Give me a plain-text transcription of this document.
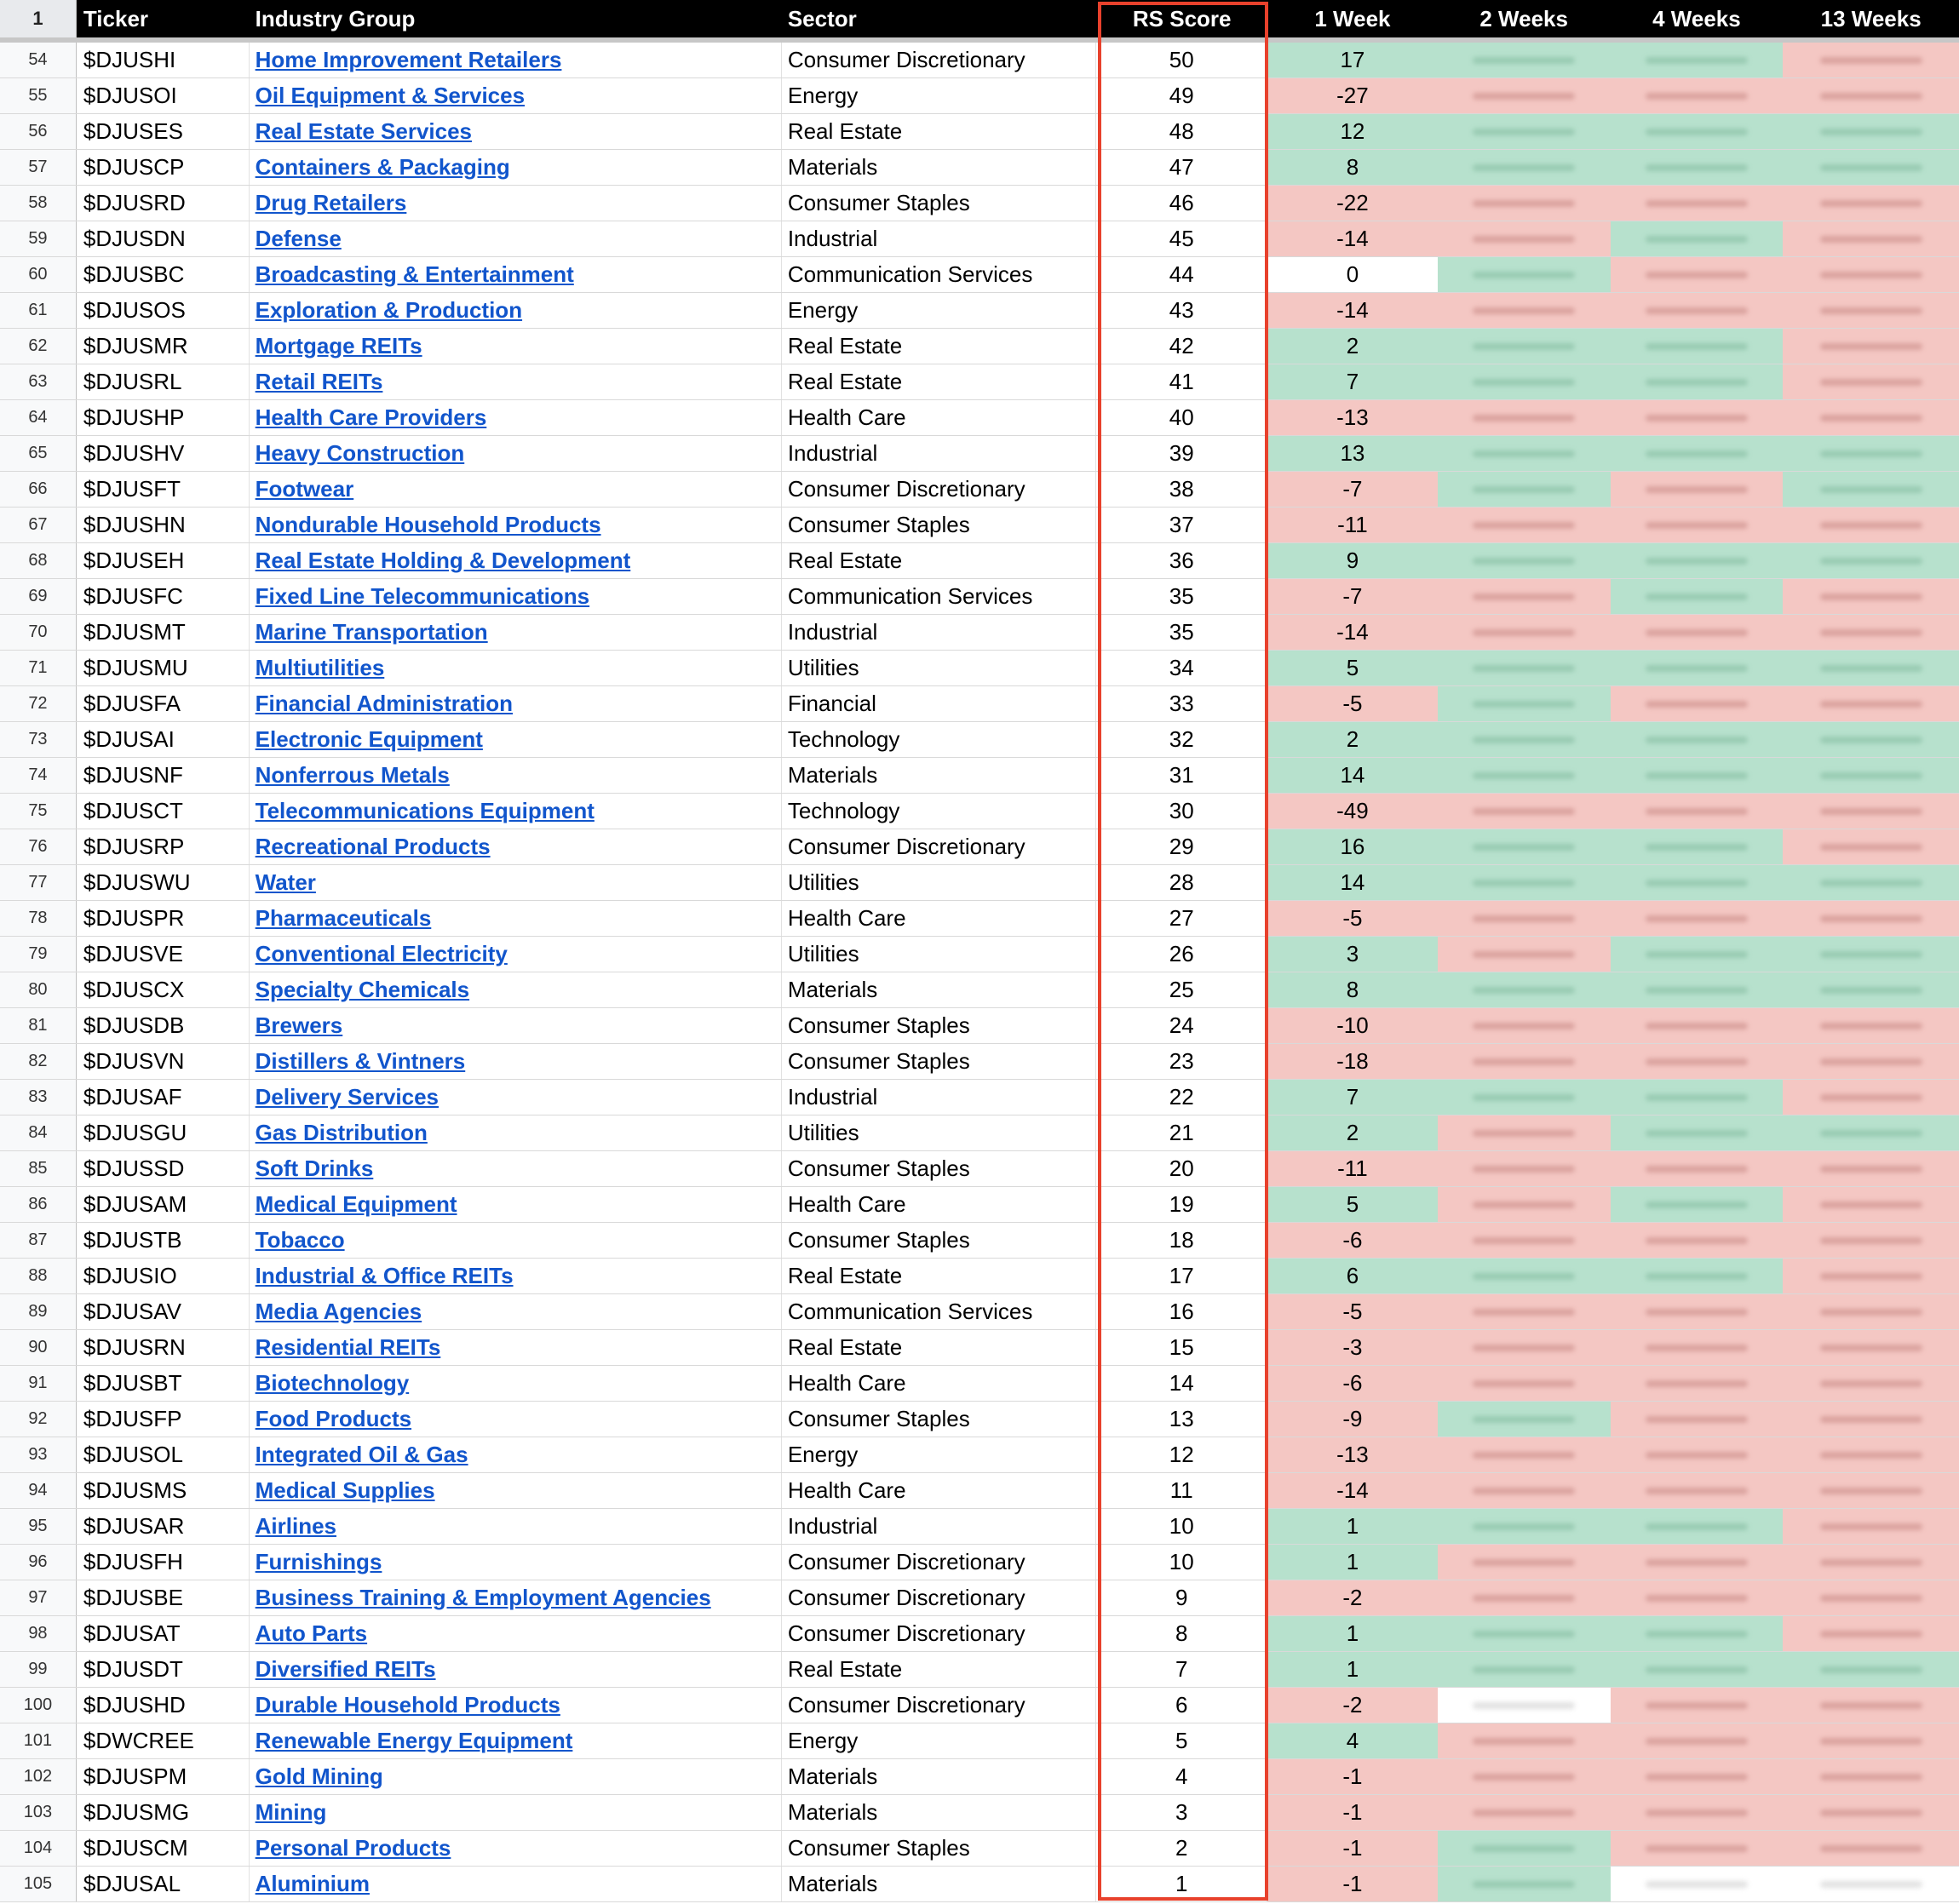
1	Ticker	Industry Group	Sector	RS Score	1 Week	2 Weeks	4 Weeks	13 Weeks
54	$DJUSHI	Home Improvement Retailers	Consumer Discretionary	50	17
55	$DJUSOI	Oil Equipment & Services	Energy	49	-27
56	$DJUSES	Real Estate Services	Real Estate	48	12
57	$DJUSCP	Containers & Packaging	Materials	47	8
58	$DJUSRD	Drug Retailers	Consumer Staples	46	-22
59	$DJUSDN	Defense	Industrial	45	-14
60	$DJUSBC	Broadcasting & Entertainment	Communication Services	44	0
61	$DJUSOS	Exploration & Production	Energy	43	-14
62	$DJUSMR	Mortgage REITs	Real Estate	42	2
63	$DJUSRL	Retail REITs	Real Estate	41	7
64	$DJUSHP	Health Care Providers	Health Care	40	-13
65	$DJUSHV	Heavy Construction	Industrial	39	13
66	$DJUSFT	Footwear	Consumer Discretionary	38	-7
67	$DJUSHN	Nondurable Household Products	Consumer Staples	37	-11
68	$DJUSEH	Real Estate Holding & Development	Real Estate	36	9
69	$DJUSFC	Fixed Line Telecommunications	Communication Services	35	-7
70	$DJUSMT	Marine Transportation	Industrial	35	-14
71	$DJUSMU	Multiutilities	Utilities	34	5
72	$DJUSFA	Financial Administration	Financial	33	-5
73	$DJUSAI	Electronic Equipment	Technology	32	2
74	$DJUSNF	Nonferrous Metals	Materials	31	14
75	$DJUSCT	Telecommunications Equipment	Technology	30	-49
76	$DJUSRP	Recreational Products	Consumer Discretionary	29	16
77	$DJUSWU	Water	Utilities	28	14
78	$DJUSPR	Pharmaceuticals	Health Care	27	-5
79	$DJUSVE	Conventional Electricity	Utilities	26	3
80	$DJUSCX	Specialty Chemicals	Materials	25	8
81	$DJUSDB	Brewers	Consumer Staples	24	-10
82	$DJUSVN	Distillers & Vintners	Consumer Staples	23	-18
83	$DJUSAF	Delivery Services	Industrial	22	7
84	$DJUSGU	Gas Distribution	Utilities	21	2
85	$DJUSSD	Soft Drinks	Consumer Staples	20	-11
86	$DJUSAM	Medical Equipment	Health Care	19	5
87	$DJUSTB	Tobacco	Consumer Staples	18	-6
88	$DJUSIO	Industrial & Office REITs	Real Estate	17	6
89	$DJUSAV	Media Agencies	Communication Services	16	-5
90	$DJUSRN	Residential REITs	Real Estate	15	-3
91	$DJUSBT	Biotechnology	Health Care	14	-6
92	$DJUSFP	Food Products	Consumer Staples	13	-9
93	$DJUSOL	Integrated Oil & Gas	Energy	12	-13
94	$DJUSMS	Medical Supplies	Health Care	11	-14
95	$DJUSAR	Airlines	Industrial	10	1
96	$DJUSFH	Furnishings	Consumer Discretionary	10	1
97	$DJUSBE	Business Training & Employment Agencies	Consumer Discretionary	9	-2
98	$DJUSAT	Auto Parts	Consumer Discretionary	8	1
99	$DJUSDT	Diversified REITs	Real Estate	7	1
100	$DJUSHD	Durable Household Products	Consumer Discretionary	6	-2
101	$DWCREE	Renewable Energy Equipment	Energy	5	4
102	$DJUSPM	Gold Mining	Materials	4	-1
103	$DJUSMG	Mining	Materials	3	-1
104	$DJUSCM	Personal Products	Consumer Staples	2	-1
105	$DJUSAL	Aluminium	Materials	1	-1
